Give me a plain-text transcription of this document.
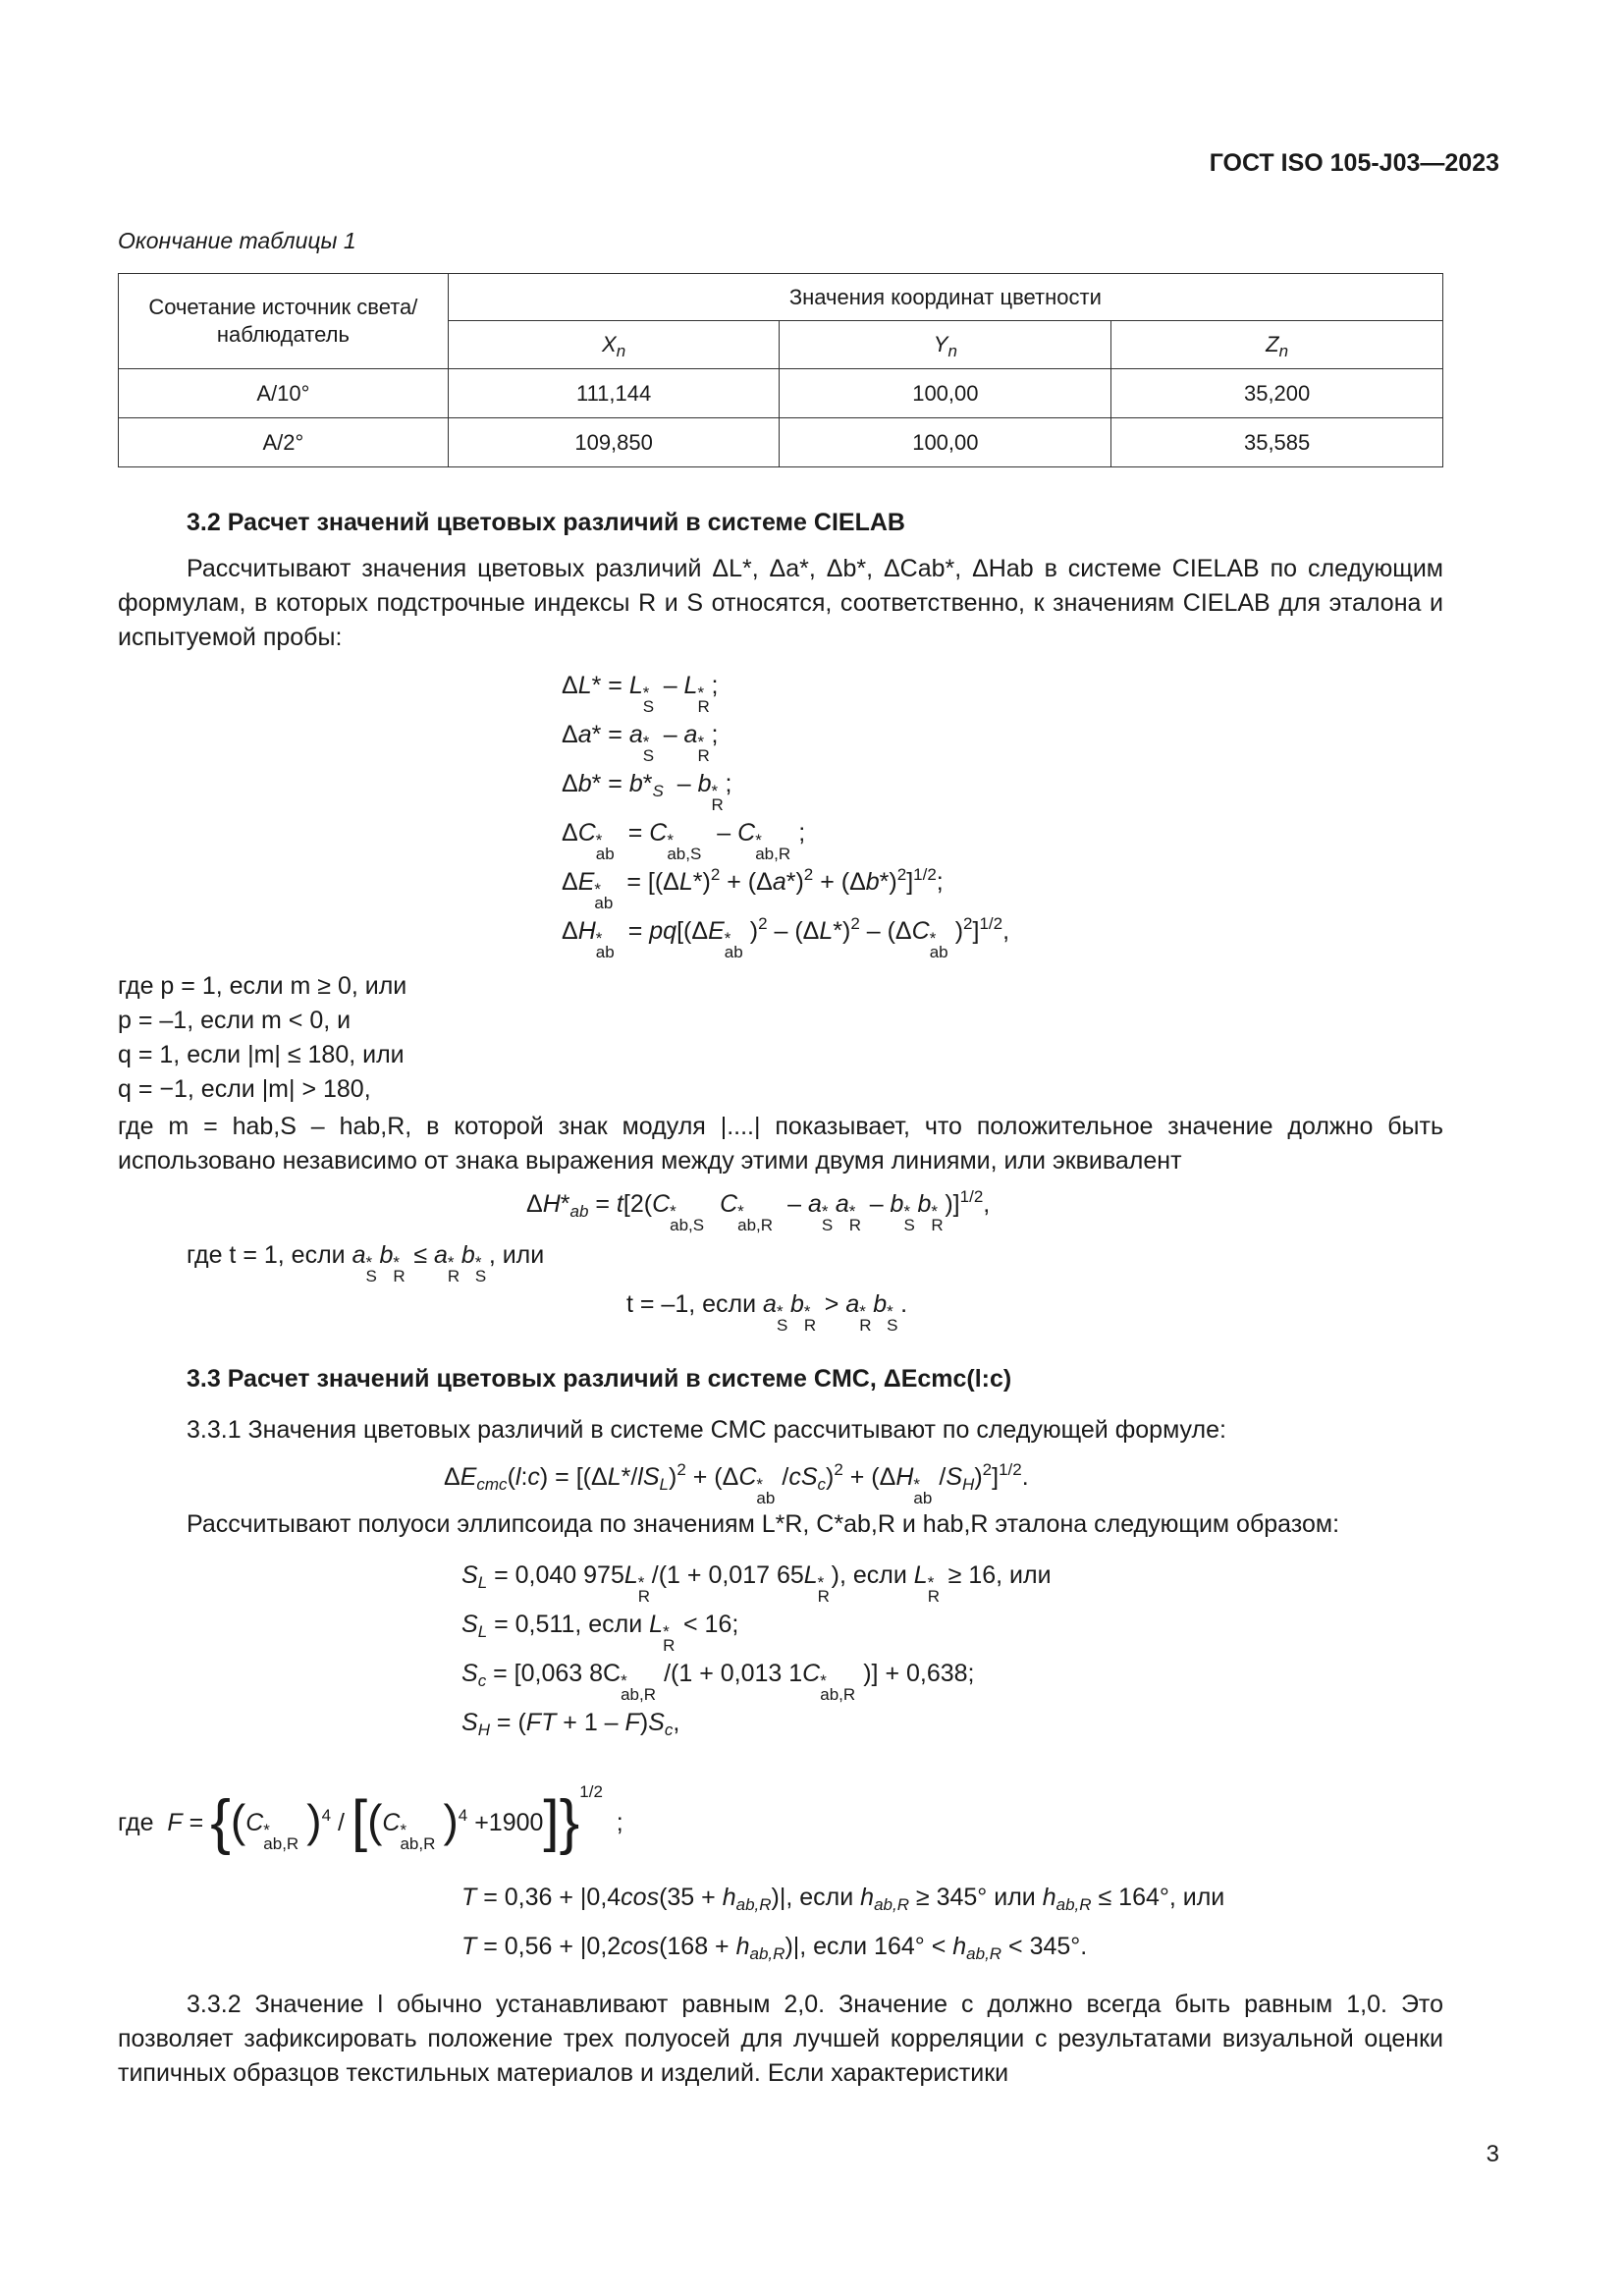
ГОСТ ISO 105-J03—2023
Окончание таблицы 1
Сочетание источник света/наблюдатель	Значения координат цветности		
	$X_n$	$Y_n$	$Z_n$
A/10°	111,144	100,00	35,200
A/2°	109,850	100,00	35,585
3.2 Расчет значений цветовых различий в системе CIELAB
Рассчитывают значения цветовых различий ΔL*, Δa*, Δb*, ΔCab*, ΔHab в системе CIELAB по следующим формулам, в которых подстрочные индексы R и S относятся, соответственно, к значениям CIELAB для эталона и испытуемой пробы:
ΔL* = L *
S
– L *
R
;
Δa* = a *
S
– a *
R
;
$\Delta b* = b*_S - b$ *
R
;
ΔC *
ab
= C *
ab,S
– C *
ab,R
;
ΔE *
ab
= $[(\Delta L*)^2 + (\Delta a*)^2 + (\Delta b*)^2]^{1/2}$;
ΔH *
ab
= pq[(ΔE *
ab
)$^2 - (\Delta L*)^2 - (\Delta C$ *
ab
)$^2$]$^{1/2}$,
где p = 1, если m ≥ 0, или
p = –1, если m < 0, и
q = 1, если |m| ≤ 180, или
q = −1, если |m| > 180,
где m = hab,S – hab,R, в которой знак модуля |....| показывает, что положительное значение должно быть использовано независимо от знака выражения между этими двумя линиями, или эквивалент
$\Delta H*_{ab} = t[2(C$ *
ab,S
C *
ab,R
– a *
S
a *
R
– b *
S
b *
R
)]$^{1/2}$,
где t = 1, если a *
S
b *
R
≤ a *
R
b *
S
, или
t = –1, если a *
S
b *
R
> a *
R
b *
S
.
3.3 Расчет значений цветовых различий в системе CMC, ΔEcmc(l:c)
3.3.1 Значения цветовых различий в системе CMC рассчитывают по следующей формуле:
$\Delta E_{cmc}(l:c) = [(\Delta L*/lS_L)^2 + (\Delta C$ *
ab
$/cS_c)^2 + (\Delta H$ *
ab
$/S_H)^2]^{1/2}$.
Рассчитывают полуоси эллипсоида по значениям L*R, C*ab,R и hab,R эталона следующим образом:
$S_L = 0,040$ 975L *
R
/(1 + 0,017 65L *
R
), если L *
R
≥ 16, или
$S_L = 0,511$, если L *
R
< 16;
$S_c = [0,063$ 8C *
ab,R
/(1 + 0,013 1C *
ab,R
)] + 0,638;
$S_H = (FT + 1 - F)S_c$,
где F = {(C *
ab,R )$^4$ / [(C *
ab,R )$^4$ +1900]}$^{1/2}$  ;
$T = 0,36 + |0,4\cos(35 + h_{ab,R})|$, если $h_{ab,R} \ge 345^\circ$ или $h_{ab,R} \le 164^\circ$, или
$T = 0,56 + |0,2\cos(168 + h_{ab,R})|$, если $164^\circ < h_{ab,R} < 345^\circ$.
3.3.2 Значение l обычно устанавливают равным 2,0. Значение c должно всегда быть равным 1,0. Это позволяет зафиксировать положение трех полуосей для лучшей корреляции с результатами визуальной оценки типичных образцов текстильных материалов и изделий. Если характеристики
3
